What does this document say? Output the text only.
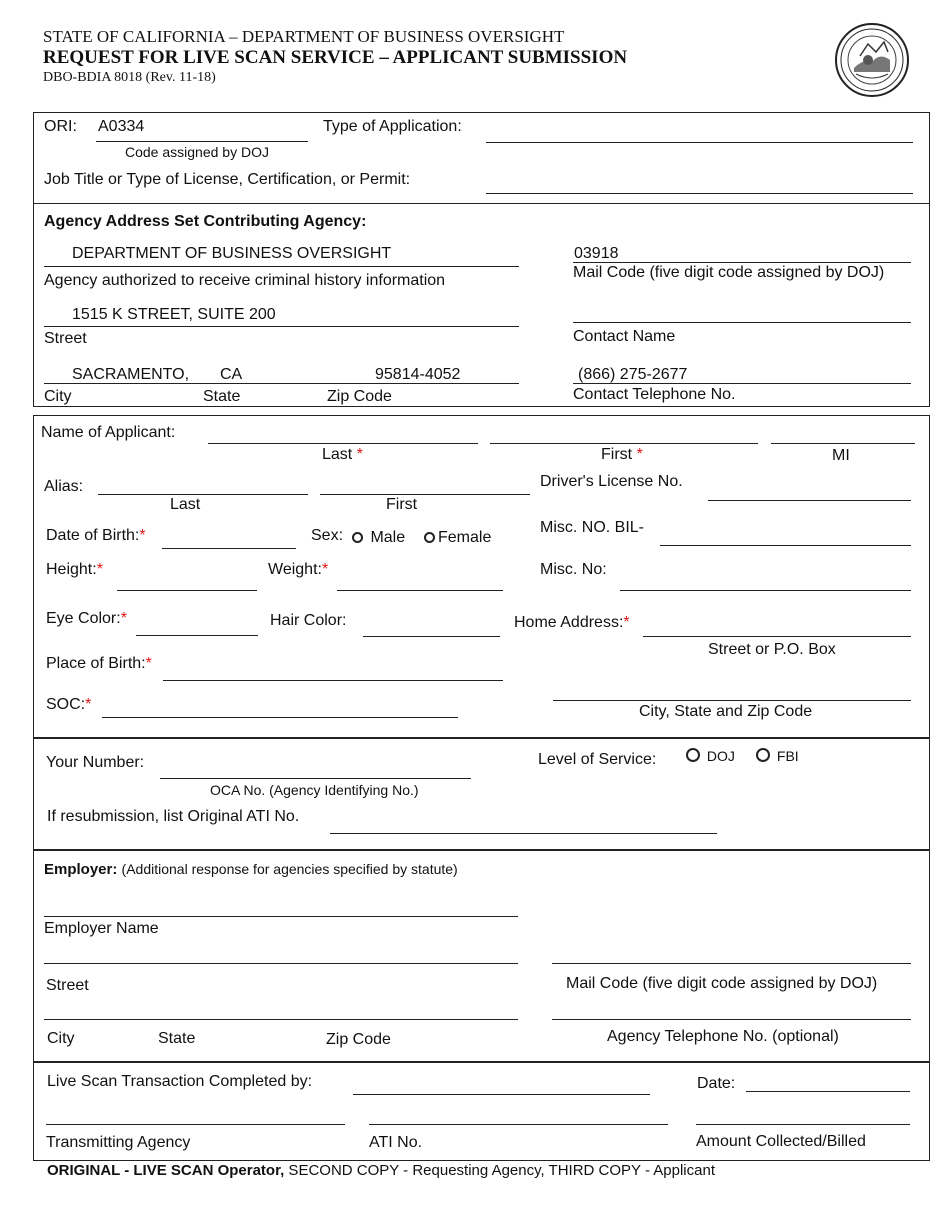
STATE OF CALIFORNIA – DEPARTMENT OF BUSINESS OVERSIGHT
REQUEST FOR LIVE SCAN SERVICE – APPLICANT SUBMISSION
DBO-BDIA 8018 (Rev. 11-18)
ORI: A0334
Code assigned by DOJ
Type of Application:
Job Title or Type of License, Certification, or Permit:
Agency Address Set Contributing Agency:
DEPARTMENT OF BUSINESS OVERSIGHT
Agency authorized to receive criminal history information
03918
Mail Code (five digit code assigned by DOJ)
1515 K STREET, SUITE 200
Street	Contact Name
SACRAMENTO, CA	95814-4052
City	State	Zip Code
(866) 275-2677
Contact Telephone No.
Name of Applicant:
Last *	First *	MI
Alias:
Last	First
Driver's License No.
Date of Birth:*	Sex:	Male	Female
Misc. NO. BIL-
Height:*	Weight:*	Misc. No:
Eye Color:*	Hair Color:	Home Address:*
Street or P.O. Box
Place of Birth:*
SOC:*	City, State and Zip Code
Your Number:
OCA No. (Agency Identifying No.)
If resubmission, list Original ATI No.
Level of Service:	DOJ	FBI
Employer: (Additional response for agencies specified by statute)
Employer Name
Street	Mail Code (five digit code assigned by DOJ)
City	State	Zip Code	Agency Telephone No. (optional)
Live Scan Transaction Completed by:	Date:
Transmitting Agency	ATI No.	Amount Collected/Billed
ORIGINAL - LIVE SCAN Operator, SECOND COPY - Requesting Agency, THIRD COPY - Applicant
